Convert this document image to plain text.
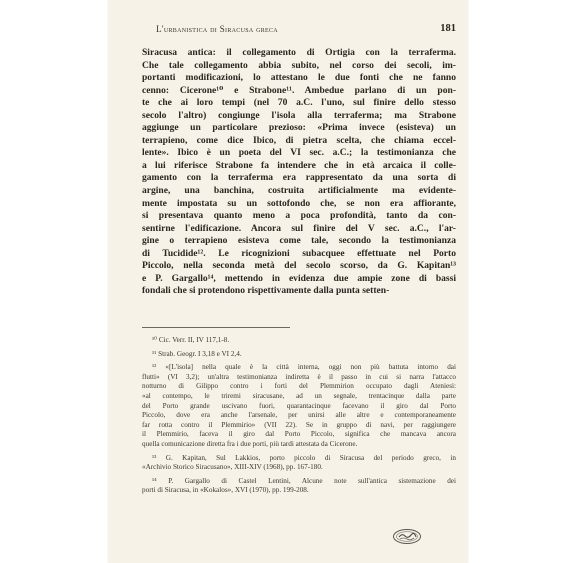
L'urbanistica di Siracusa greca	181
Siracusa antica: il collegamento di Ortigia con la terraferma.
Che tale collegamento abbia subito, nel corso dei secoli, im-
portanti modificazioni, lo attestano le due fonti che ne fanno
cenno: Cicerone¹⁰ e Strabone¹¹. Ambedue parlano di un pon-
te che ai loro tempi (nel 70 a.C. l'uno, sul finire dello stesso
secolo l'altro) congiunge l'isola alla terraferma; ma Strabone
aggiunge un particolare prezioso: «Prima invece (esisteva) un
terrapieno, come dice Ibico, di pietra scelta, che chiama eccel-
lente». Ibico è un poeta del VI sec. a.C.; la testimonianza che
a lui riferisce Strabone fa intendere che in età arcaica il colle-
gamento con la terraferma era rappresentato da una sorta di
argine, una banchina, costruita artificialmente ma evidente-
mente impostata su un sottofondo che, se non era affiorante,
si presentava quanto meno a poca profondità, tanto da con-
sentirne l'edificazione. Ancora sul finire del V sec. a.C., l'ar-
gine o terrapieno esisteva come tale, secondo la testimonianza
di Tucidide¹². Le ricognizioni subacquee effettuate nel Porto
Piccolo, nella seconda metà del secolo scorso, da G. Kapitan¹³
e P. Gargallo¹⁴, mettendo in evidenza due ampie zone di bassi
fondali che si protendono rispettivamente dalla punta setten-
¹⁰ Cic. Verr. II, IV 117,1-8.
¹¹ Strab. Geogr. I 3,18 e VI 2,4.
¹² «[L'isola] nella quale è la città interna, oggi non più battuta intorno dai
flutti» (VI 3,2); un'altra testimonianza indiretta è il passo in cui si narra l'attacco
notturno di Gilippo contro i forti del Plemmirion occupato dagli Ateniesi:
«al contempo, le triremi siracusane, ad un segnale, trentacinque dalla parte
del Porto grande uscivano fuori, quarantacinque facevano il giro dal Porto
Piccolo, dove era anche l'arsenale, per unirsi alle altre e contemporaneamente
far rotta contro il Plemmirio» (VII 22). Se in gruppo di navi, per raggiungere
il Plemmirio, faceva il giro dal Porto Piccolo, significa che mancava ancora
quella comunicazione diretta fra i due porti, più tardi attestata da Cicerone.
¹³ G. Kapitan, Sul Lakkios, porto piccolo di Siracusa del periodo greco, in
«Archivio Storico Siracusano», XIII-XIV (1968), pp. 167-180.
¹⁴ P. Gargallo di Castel Lentini, Alcune note sull'antica sistemazione dei
porti di Siracusa, in «Kokalos», XVI (1970), pp. 199-208.
